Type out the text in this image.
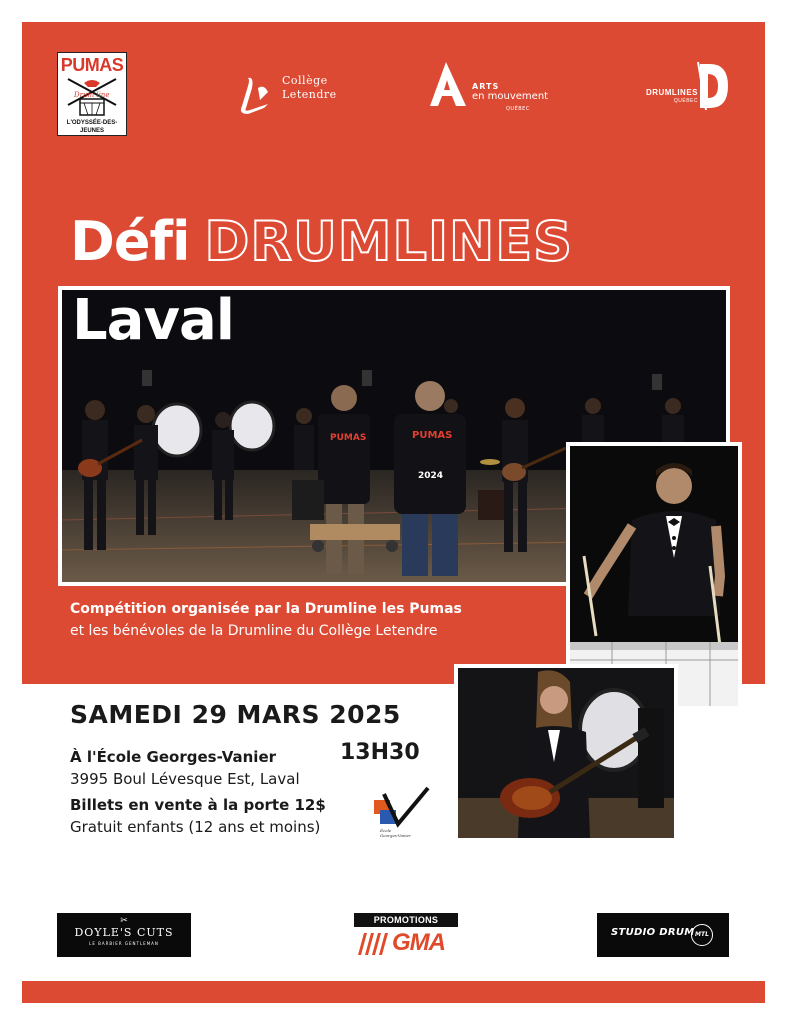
PUMAS
Drum line
L'ODYSSÉE-DES-JEUNES
Collège
Letendre
ARTS
en mouvement
QUÉBEC
DRUMLINES
QUÉBEC
Défi DRUMLINES
PUMAS	PUMAS
2024
Laval
Compétition organisée par la Drumline les Pumas
et les bénévoles de la Drumline du Collège Letendre
SAMEDI 29 MARS 2025
13H30
À l'École Georges-Vanier
3995 Boul Lévesque Est, Laval
Billets en vente à la porte 12$
Gratuit enfants (12 ans et moins)	École
Georges-Vanier
✂
DOYLE'S CUTS
LE BARBIER GENTLEMAN
PROMOTIONS
GMA	STUDIO DRUM MTL
